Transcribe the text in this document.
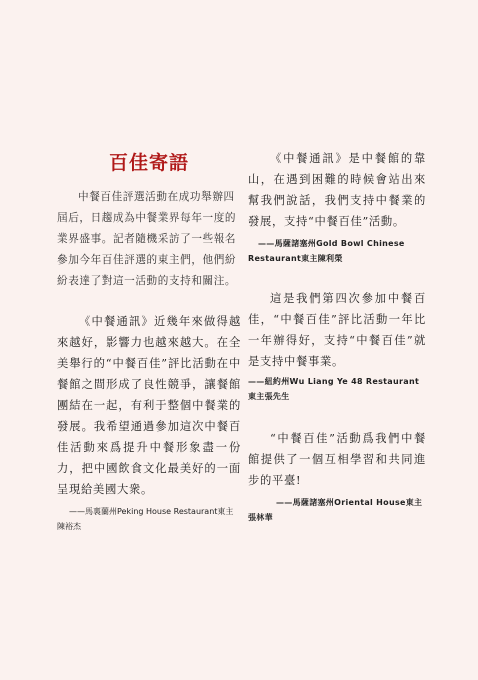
百佳寄語

中餐百佳評選活動在成功舉辦四屆后，日趨成為中餐業界每年一度的業界盛事。記者隨機采訪了一些報名參加今年百佳評選的東主們，他們紛紛表達了對這一活動的支持和關注。

《中餐通訊》近幾年來做得越來越好，影響力也越來越大。在全美舉行的“中餐百佳”評比活動在中餐館之間形成了良性競爭，讓餐館團結在一起，有利于整個中餐業的發展。我希望通過參加這次中餐百佳活動來爲提升中餐形象盡一份力，把中國飲食文化最美好的一面呈現給美國大衆。

——馬裏蘭州Peking House Restaurant東主陳裕杰

《中餐通訊》是中餐館的靠山，在遇到困難的時候會站出來幫我們說話，我們支持中餐業的發展，支持“中餐百佳”活動。

——馬薩諸塞州Gold Bowl Chinese Restaurant東主陳利榮

這是我們第四次參加中餐百佳，“中餐百佳”評比活動一年比一年辦得好，支持“中餐百佳”就是支持中餐事業。

——紐約州Wu Liang Ye 48 Restaurant東主張先生

“中餐百佳”活動爲我們中餐館提供了一個互相學習和共同進步的平臺!

——馬薩諸塞州Oriental House東主張林華
